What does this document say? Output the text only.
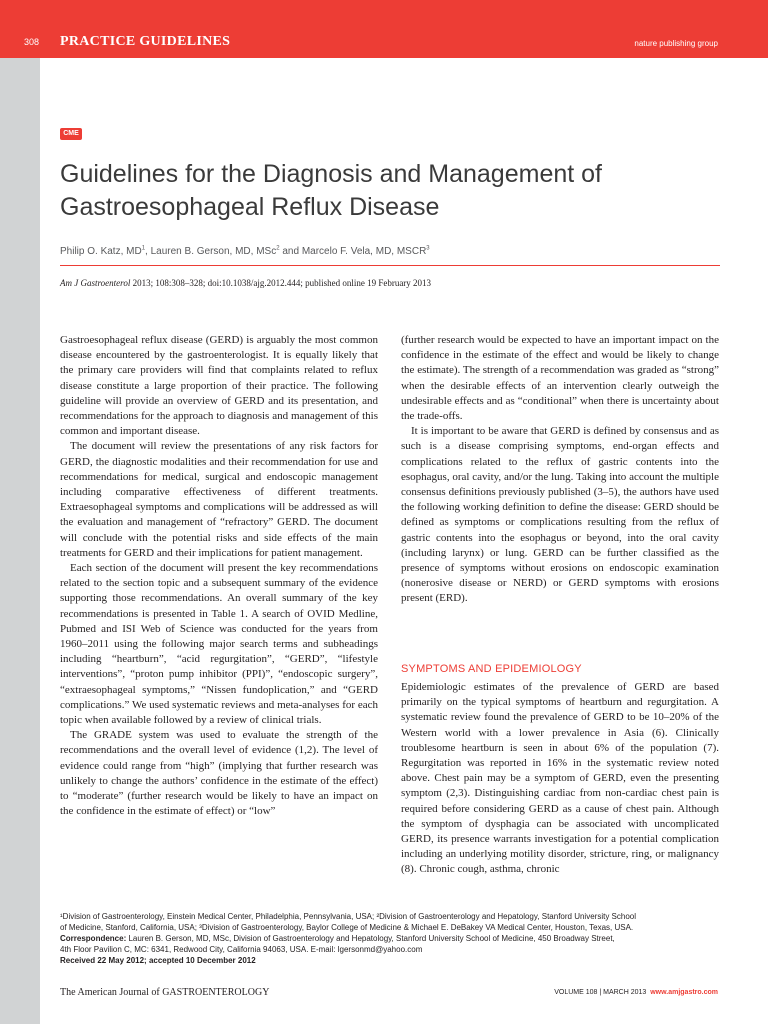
308 PRACTICE GUIDELINES	nature publishing group
CME
Guidelines for the Diagnosis and Management of
Gastroesophageal Reflux Disease
Philip O. Katz, $MD^1$, Lauren B. Gerson, MD, MSc$^2$ and Marcelo F. Vela, MD, MSCR$^3$
Am J Gastroenterol 2013; 108:308–328; doi:10.1038/ajg.2012.444; published online 19 February 2013

Gastroesophageal reflux disease (GERD) is arguably the most common disease encountered by the gastroenterologist. It is equally likely that the primary care providers will find that complaints related to reflux disease constitute a large proportion of their practice. The following guideline will provide an overview of GERD and its presentation, and recommendations for the approach to diagnosis and management of this common and important disease.

The document will review the presentations of any risk factors for GERD, the diagnostic modalities and their recommendation for use and recommendations for medical, surgical and endoscopic management including comparative effectiveness of different treatments. Extraesophageal symptoms and complications will be addressed as will the evaluation and management of “refractory” GERD. The document will conclude with the potential risks and side effects of the main treatments for GERD and their implications for patient management.

Each section of the document will present the key recommendations related to the section topic and a subsequent summary of the evidence supporting those recommendations. An overall summary of the key recommendations is presented in Table 1. A search of OVID Medline, Pubmed and ISI Web of Science was conducted for the years from 1960–2011 using the following major search terms and subheadings including “heartburn”, “acid regurgitation”, “GERD”, “lifestyle interventions”, “proton pump inhibitor (PPI)”, “endoscopic surgery”, “extraesophageal symptoms,” “Nissen fundoplication,” and “GERD complications.” We used systematic reviews and meta-analyses for each topic when available followed by a review of clinical trials.

The GRADE system was used to evaluate the strength of the recommendations and the overall level of evidence (1,2). The level of evidence could range from “high” (implying that further research was unlikely to change the authors’ confidence in the estimate of the effect) to “moderate” (further research would be likely to have an impact on the confidence in the estimate of effect) or “low”

(further research would be expected to have an important impact on the confidence in the estimate of the effect and would be likely to change the estimate). The strength of a recommendation was graded as “strong” when the desirable effects of an intervention clearly outweigh the undesirable effects and as “conditional” when there is uncertainty about the trade-offs.

It is important to be aware that GERD is defined by consensus and as such is a disease comprising symptoms, end-organ effects and complications related to the reflux of gastric contents into the esophagus, oral cavity, and/or the lung. Taking into account the multiple consensus definitions previously published (3–5), the authors have used the following working definition to define the disease: GERD should be defined as symptoms or complications resulting from the reflux of gastric contents into the esophagus or beyond, into the oral cavity (including larynx) or lung. GERD can be further classified as the presence of symptoms without erosions on endoscopic examination (nonerosive disease or NERD) or GERD symptoms with erosions present (ERD).

SYMPTOMS AND EPIDEMIOLOGY

Epidemiologic estimates of the prevalence of GERD are based primarily on the typical symptoms of heartburn and regurgitation. A systematic review found the prevalence of GERD to be 10–20% of the Western world with a lower prevalence in Asia (6). Clinically troublesome heartburn is seen in about 6% of the population (7). Regurgitation was reported in 16% in the systematic review noted above. Chest pain may be a symptom of GERD, even the presenting symptom (2,3). Distinguishing cardiac from non-cardiac chest pain is required before considering GERD as a cause of chest pain. Although the symptom of dysphagia can be associated with uncomplicated GERD, its presence warrants investigation for a potential complication including an underlying motility disorder, stricture, ring, or malignancy (8). Chronic cough, asthma, chronic

¹Division of Gastroenterology, Einstein Medical Center, Philadelphia, Pennsylvania, USA; ²Division of Gastroenterology and Hepatology, Stanford University School
of Medicine, Stanford, California, USA; ³Division of Gastroenterology, Baylor College of Medicine & Michael E. DeBakey VA Medical Center, Houston, Texas, USA.
Correspondence: Lauren B. Gerson, MD, MSc, Division of Gastroenterology and Hepatology, Stanford University School of Medicine, 450 Broadway Street,
4th Floor Pavilion C, MC: 6341, Redwood City, California 94063, USA. E-mail: lgersonmd@yahoo.com
Received 22 May 2012; accepted 10 December 2012
The American Journal of GASTROENTEROLOGY	VOLUME 108 | MARCH 2013 www.amjgastro.com
